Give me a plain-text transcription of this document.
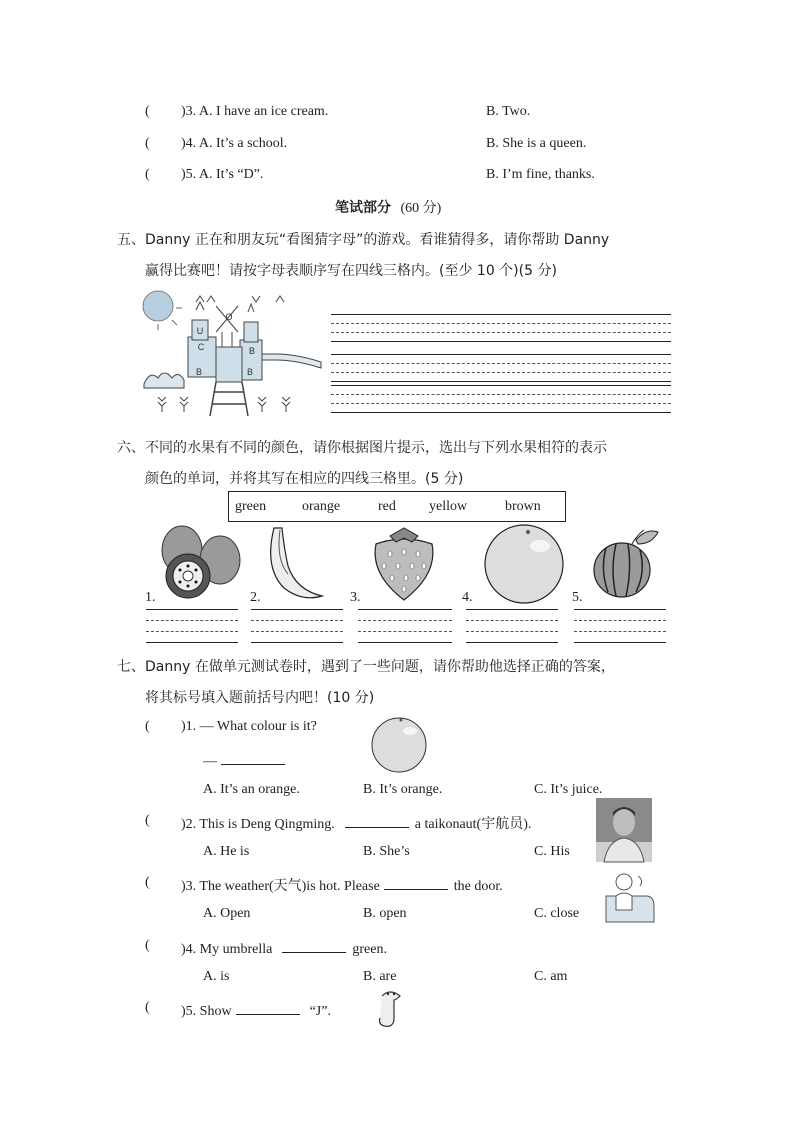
( )3. A. I have an ice cream.	B. Two.
( )4. A. It’s a school.	B. She is a queen.
( )5. A. It’s “D”.	B. I’m fine, thanks.
笔试部分 (60 分)
五、Danny 正在和朋友玩“看图猜字母”的游戏。看谁猜得多，请你帮助 Danny
赢得比赛吧！请按字母表顺序写在四线三格内。(至少 10 个)(5 分)
U
O
C
B	B
B
六、不同的水果有不同的颜色，请你根据图片提示，选出与下列水果相符的表示
颜色的单词，并将其写在相应的四线三格里。(5 分)
green	orange	red yellow	brown
1.	2.	3.	4.	5.
七、Danny 在做单元测试卷时，遇到了一些问题，请你帮助他选择正确的答案，
将其标号填入题前括号内吧！(10 分)
( )1. — What colour is it?
—
A. It’s an orange.	B. It’s orange.	C. It’s juice.
( )2. This is Deng Qingming.	a taikonaut(宇航员).
A. He is	B. She’s	C. His
( )3. The weather(天气)is hot. Please	the door.
A. Open	B. open	C. close
( )4. My umbrella	green.
A. is	B. are	C. am
( )5. Show	“J”.
